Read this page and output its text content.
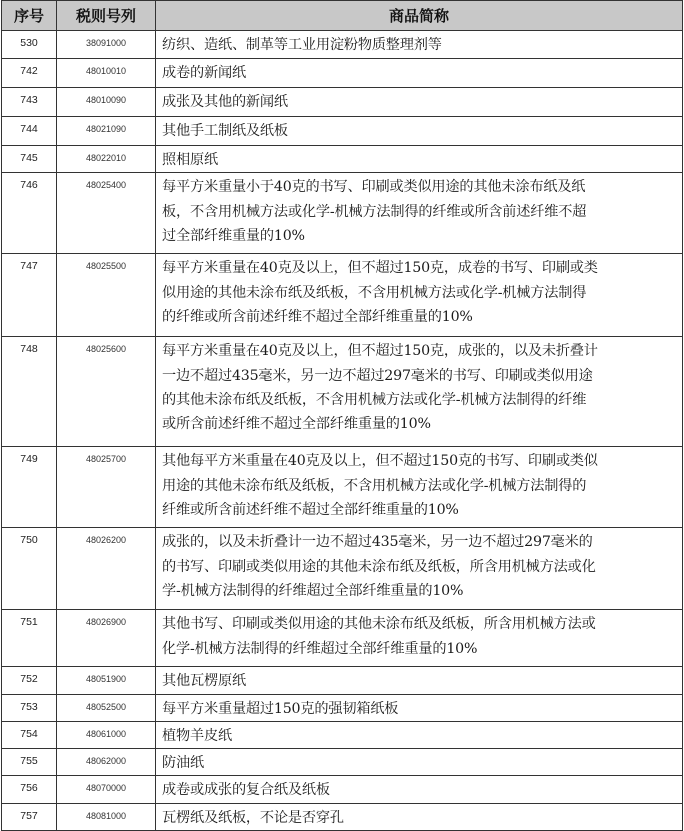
序号	税则号列	商品简称
530	38091000	纺织、造纸、制革等工业用淀粉物质整理剂等
742	48010010	成卷的新闻纸
743	48010090	成张及其他的新闻纸
744	48021090	其他手工制纸及纸板
745	48022010	照相原纸
746	48025400	每平方米重量小于40克的书写、印刷或类似用途的其他未涂布纸及纸
板，不含用机械方法或化学-机械方法制得的纤维或所含前述纤维不超
过全部纤维重量的10%
747	48025500	每平方米重量在40克及以上，但不超过150克，成卷的书写、印刷或类
似用途的其他未涂布纸及纸板，不含用机械方法或化学-机械方法制得
的纤维或所含前述纤维不超过全部纤维重量的10%
748	48025600	每平方米重量在40克及以上，但不超过150克，成张的，以及未折叠计
一边不超过435毫米，另一边不超过297毫米的书写、印刷或类似用途
的其他未涂布纸及纸板，不含用机械方法或化学-机械方法制得的纤维
或所含前述纤维不超过全部纤维重量的10%
749	48025700	其他每平方米重量在40克及以上，但不超过150克的书写、印刷或类似
用途的其他未涂布纸及纸板，不含用机械方法或化学-机械方法制得的
纤维或所含前述纤维不超过全部纤维重量的10%
750	48026200	成张的，以及未折叠计一边不超过435毫米，另一边不超过297毫米的
的书写、印刷或类似用途的其他未涂布纸及纸板，所含用机械方法或化
学-机械方法制得的纤维超过全部纤维重量的10%
751	48026900	其他书写、印刷或类似用途的其他未涂布纸及纸板，所含用机械方法或
化学-机械方法制得的纤维超过全部纤维重量的10%
752	48051900	其他瓦楞原纸
753	48052500	每平方米重量超过150克的强韧箱纸板
754	48061000	植物羊皮纸
755	48062000	防油纸
756	48070000	成卷或成张的复合纸及纸板
757	48081000	瓦楞纸及纸板，不论是否穿孔
